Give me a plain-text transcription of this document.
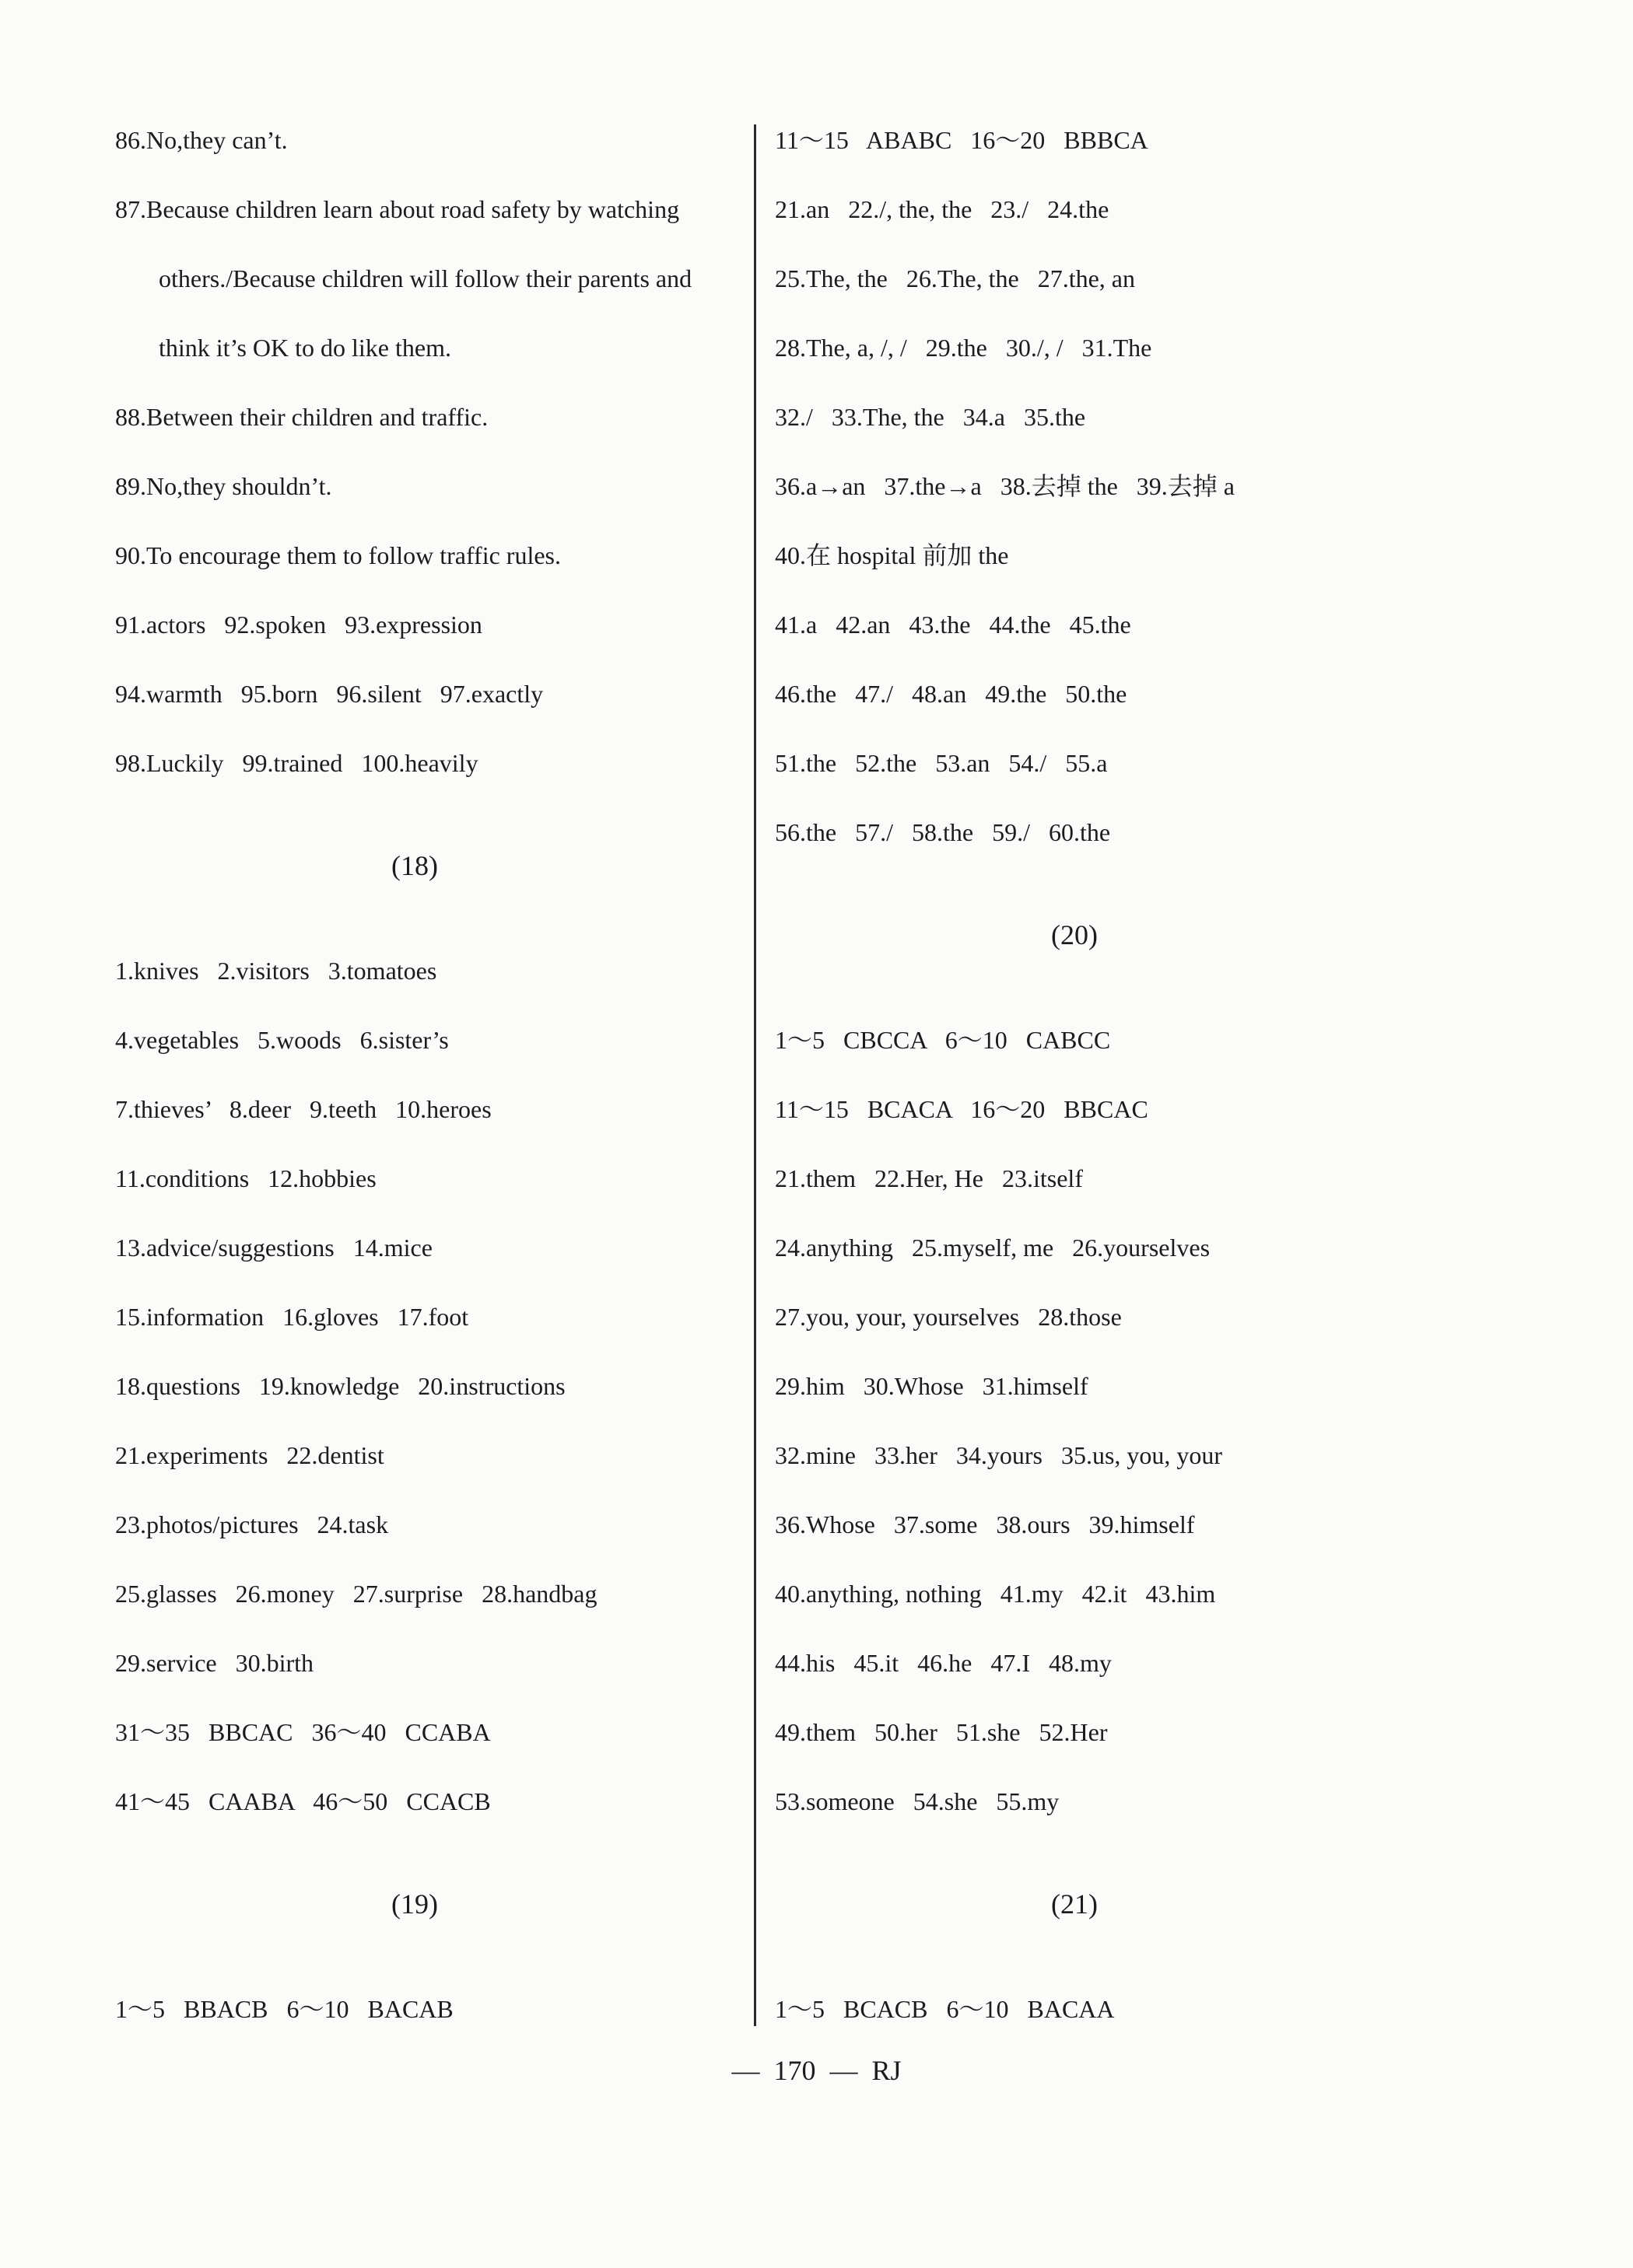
86.No,they can’t.
87.Because children learn about road safety by watching
others./Because children will follow their parents and
think it’s OK to do like them.
88.Between their children and traffic.
89.No,they shouldn’t.
90.To encourage them to follow traffic rules.
91.actors   92.spoken   93.expression
94.warmth   95.born   96.silent   97.exactly
98.Luckily   99.trained   100.heavily
(18)
1.knives   2.visitors   3.tomatoes
4.vegetables   5.woods   6.sister’s
7.thieves’   8.deer   9.teeth   10.heroes
11.conditions   12.hobbies
13.advice/suggestions   14.mice
15.information   16.gloves   17.foot
18.questions   19.knowledge   20.instructions
21.experiments   22.dentist
23.photos/pictures   24.task
25.glasses   26.money   27.surprise   28.handbag
29.service   30.birth
31～35   BBCAC   36～40   CCABA
41～45   CAABA   46～50   CCACB
(19)
1～5   BBACB   6～10   BACAB
11～15   ABABC   16～20   BBBCA
21.an   22./, the, the   23./   24.the
25.The, the   26.The, the   27.the, an
28.The, a, /, /   29.the   30./, /   31.The
32./   33.The, the   34.a   35.the
36.a→an   37.the→a   38.去掉 the   39.去掉 a
40.在 hospital 前加 the
41.a   42.an   43.the   44.the   45.the
46.the   47./   48.an   49.the   50.the
51.the   52.the   53.an   54./   55.a
56.the   57./   58.the   59./   60.the
(20)
1～5   CBCCA   6～10   CABCC
11～15   BCACA   16～20   BBCAC
21.them   22.Her, He   23.itself
24.anything   25.myself, me   26.yourselves
27.you, your, yourselves   28.those
29.him   30.Whose   31.himself
32.mine   33.her   34.yours   35.us, you, your
36.Whose   37.some   38.ours   39.himself
40.anything, nothing   41.my   42.it   43.him
44.his   45.it   46.he   47.I   48.my
49.them   50.her   51.she   52.Her
53.someone   54.she   55.my
(21)
1～5   BCACB   6～10   BACAA
—  170  —  RJ
